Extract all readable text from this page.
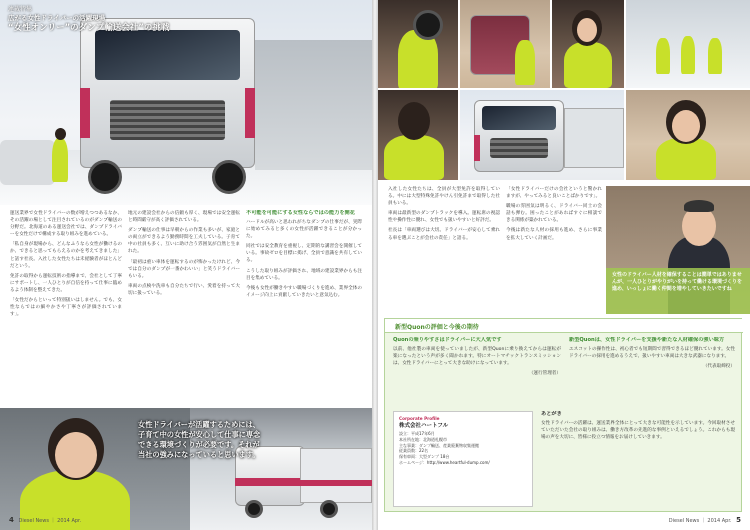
連載特集
広がる女性ドライバーの活躍現場
“女性オンリー”のダンプ輸送会社”の挑戦

運送業界で女性ドライバーの数が増えつつあるなか、その活躍の場として注目されているのがダンプ輸送の分野だ。北海道のある運送会社では、ダンプドライバーを女性だけで構成する取り組みを進めている。

「私自身が現場から、どんなふうなら女性が働けるのか、できると思ってもらえるのかを考えてきました」と話す社長。入社した女性たちは未経験者がほとんどだという。

免許の取得から運転技術の指導まで、会社として丁寧にサポートし、一人ひとりが自信を持って仕事に臨めるよう体制を整えてきた。

「女性だからといって特別扱いはしません。でも、女性ならではの細やかさや丁寧さが評価されています」。

地元の建設会社からの信頼も厚く、現場では安全運転と時間厳守が高く評価されている。

ダンプ輸送の仕事は早朝からの作業も多いが、家庭との両立ができるよう勤務時間を工夫している。子育て中の社員も多く、互いに助け合う雰囲気が自然と生まれた。

「最初は重い車体を運転するのが怖かったけれど、今では自分のダンプが一番かわいい」と笑うドライバーもいる。

車両の点検や洗車も自分たちで行い、愛着を持って大切に扱っている。

不可能を可能にする女性ならではの能力を開花

ハードルが高いと思われがちなダンプの仕事だが、実際に始めてみると多くの女性が活躍できることが分かった。

同社では安全教育を重視し、定期的な講習会を開催している。事故ゼロを目標に掲げ、全員で意識を共有している。

こうした取り組みが評価され、地域の建設業界からも注目を集めている。

今後も女性が働きやすい職場づくりを進め、業界全体のイメージ向上に貢献していきたいと意気込む。

女性ドライバーが活躍するためには、子育て中の女性が安心して仕事に専念できる環境づくりが必要です。それが当社の強みになっていると思います。
4 Diesel News ｜ 2014 Apr.

入社した女性たちは、全員が大型免許を取得している。中には大型特殊免許やけん引免許まで取得した社員もいる。

車両は最新型のダンプトラックを導入。運転席の視認性や操作性に優れ、女性でも扱いやすいと好評だ。

社長は「車両選びは大切。ドライバーが安心して乗れる車を選ぶことが会社の責任」と語る。

「女性ドライバーだけの会社というと驚かれますが、やってみると良いことばかりです」。

職場の雰囲気は明るく、ドライバー同士の会話も弾む。困ったことがあればすぐに相談できる関係が築かれている。

今後は新たな人材の採用も進め、さらに事業を拡大していく計画だ。

女性のドライバー人材を確保することは簡単ではありませんが、一人ひとりがやりがいを持って働ける環境づくりを進め、いっしょに働く仲間を増やしていきたいですね
新型Quonの評価と今後の期待
Quonの乗りやすさはドライバーに大人気です

以前、他社製の車両を使っていましたが、新型Quonに乗り換えてからは運転が楽になったという声が多く聞かれます。特にオートマチックトランスミッションは、女性ドライバーにとって大きな助けになっています。

（運行管理者）

新型Quonは、女性ドライバーを支援や新たな人材確保の強い味方

エスコットの操作性は、初心者でも短期間で習得できるほど優れています。女性ドライバーの採用を進めるうえで、扱いやすい車両は大きな武器になります。

（代表取締役）

Corporate Profile
株式会社ハートフル
設立：平成17年6月
本社所在地：北海道札幌市
主な事業：ダンプ輸送、産業廃棄物収集運搬
従業員数：22名
保有車両：大型ダンプ 18台
ホームページ：http://www.heartful-dump.com/
あとがき

女性ドライバーの活躍は、運送業界全体にとって大きな可能性を示しています。今回取材させていただいた会社の取り組みは、働き方改革の先進的な事例といえるでしょう。これからも現場の声を大切に、皆様に役立つ情報をお届けしていきます。

Diesel News ｜ 2014 Apr. 5
